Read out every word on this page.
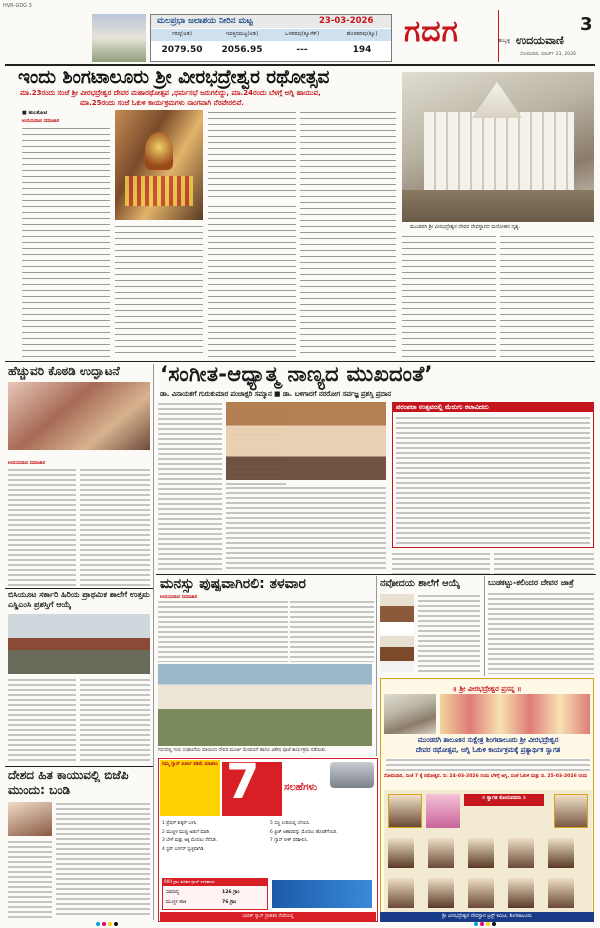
HVR-GDG 3
ಮಲಪ್ರಭಾ ಜಲಾಶಯ ನೀರಿನ ಮಟ್ಟ	23-03-2026
ಗರಿಷ್ಠ(ಅಡಿ)	ಇವತ್ತಿನಮಟ್ಟ(ಅಡಿ)	ಒಳಹರಿವು(ಕ್ಯೂಸೆಕ್)	ಹೊರಹರಿವು(ಕ್ಯೂ)
2079.50	2056.95	---	194
ಗದಗ	3
ಹುಬ್ಬಳ್ಳಿ ಉದಯವಾಣಿ
ಸೋಮವಾರ, ಮಾರ್ಚ್ 23, 2026
ಇಂದು ಶಿಂಗಟಾಲೂರು ಶ್ರೀ ವೀರಭದ್ರೇಶ್ವರ ರಥೋತ್ಸವ
ಮಾ.23ರಂದು ಸಂಜೆ ಶ್ರೀ ವೀರಭದ್ರೇಶ್ವರ ದೇವರ ಮಹಾರಥೋತ್ಸವ ,ಧರ್ಮಸಭೆ ಜರುಗಲಿದ್ದು, ಮಾ.24ರಂದು ಬೆಳಗ್ಗೆ ಅಗ್ನಿ ಹಾಯುವ,
ಮಾ.25ರಂದು ಸಂಜೆ ಓಕುಳಿ ಕಾರ್ಯಕ್ರಮಗಳು ನಾಂಗವಾಗಿ ನೆರವೇರಲಿವೆ.
■ ಹುಲಕೋಟಿ
ಉದಯವಾಣಿ ಸಮಾಚಾರ
ಮುಂಡರಗಿ ಶ್ರೀ ವೀರಭದ್ರೇಶ್ವರ ದೇವರ ದೇವಸ್ಥಾನದ ಮನೋಹರ ದೃಶ್ಯ.
ಹೆಚ್ಚುವರಿ ಕೊಠಡಿ ಉದ್ಘಾಟನೆ
ಉದಯವಾಣಿ ಸಮಾಚಾರ
ಬಿಸಿಯೂಟ ಸರ್ಕಾರಿ ಹಿರಿಯ ಪ್ರಾಥಮಿಕ ಶಾಲೆಗೆ ಉತ್ತಮ ಎಸ್ಡಿಎಂಸಿ ಪ್ರಶಸ್ತಿಗೆ ಆಯ್ಕೆ
ದೇಶದ ಹಿತ ಕಾಯುವಲ್ಲಿ ಬಿಜೆಪಿ ಮುಂದು: ಬಂಡಿ
‘ಸಂಗೀತ-ಆಧ್ಯಾತ್ಮ ನಾಣ್ಯದ ಮುಖದಂತೆ’
ಡಾ. ವಿನಾಯಕಗೆ ಗುರುಕುಮಾರ ಪಂಚಾಕ್ಷರಿ ಸಮ್ಮಾನ ■ ಡಾ. ಬಳಿಗಾರಗೆ ನರರೋಗ ಸರ್ವಜ್ಞ ಪ್ರಶಸ್ತಿ ಪ್ರದಾನ
ಪರಂಪರಾ ಉತ್ಸವದಲ್ಲಿ ಮೆರುಗು ಕಲಾವಿದರು
ಮನಸ್ಸು ಪುಷ್ಪವಾಗಿರಲಿ: ತಳವಾರ
ಉದಯವಾಣಿ ಸಮಾಚಾರ
ಗದಗದಲ್ಲಿ ಗುರು ಸಂಘಟನೆಯ ವತಿಯಿಂದ ದೇವರ ಮೂರ್ತಿ ಮೆರವಣಿಗೆ ಹಾಗೂ ವಿಶೇಷ ಪೂಜೆ ಕಾರ್ಯಕ್ರಮ ನಡೆಯಿತು.
ನವೋದಯ ಶಾಲೆಗೆ ಆಯ್ಕೆ	ಬುಡಕಟ್ಟು-ಕಲಿಂದರ ದೇವರ ಜಾತ್ರೆ
॥ ಶ್ರೀ ವೀರಭದ್ರೇಶ್ವರ ಪ್ರಸನ್ನ ॥
ಮುಂಡರಗಿ ತಾಲೂಕಿನ ಸುಕ್ಷೇತ್ರ ಶಿಂಗಟಾಲೂರು ಶ್ರೀ ವೀರಭದ್ರೇಶ್ವರ
ದೇವರ ರಥೋತ್ಸವ, ಅಗ್ನಿ ಓಕುಳಿ ಕಾರ್ಯಕ್ರಮಕ್ಕೆ ಪ್ರತ್ಯಾರ್ಥಿಕ ಸ್ವಾಗತ
ಸೋಮವಾರ, ಸಂಜೆ 7 ಕ್ಕೆ ರಥೋತ್ಸವ. ದಿ: 24-03-2026 ರಂದು ಬೆಳಿಗ್ಗೆ ಅಗ್ನಿ, ಸಂಜೆ ಓಕುಳಿ ಮತ್ತು ದಿ. 25-03-2026 ರಂದು
॥ ಸ್ವಾಗತ ಕೋರುವವರು ॥
ಶ್ರೀ ವೀರಭದ್ರೇಶ್ವರ ದೇವಸ್ಥಾನ ಟ್ರಸ್ಟ್ ಕಮಿಟಿ, ಶಿಂಗಟಾಲೂರು
ನಿಮ್ಮ ಗ್ಯಾಸ್ ಖರ್ಚು ಕಡಿಮೆ ಮಾಡಲು 7 ಸಲಹೆಗಳು
1 ಪ್ರೆಷರ್ ಕುಕ್ಕರ್ ಬಳಸಿ.
2 ಮುಚ್ಚಳ ಮುಚ್ಚಿ ಅಡುಗೆ ಮಾಡಿ.
3 ಬೇಳೆ ಮತ್ತು ಅಕ್ಕಿ ಮೊದಲು ನೆನೆಸಿಡಿ.
4 ಸ್ಟವ್ ಬರ್ನರ್ ಸ್ವಚ್ಛವಾಗಿಡಿ.
5 ಸಣ್ಣ ಉರಿಯಲ್ಲಿ ಬೇಯಿಸಿ.
6 ಫ್ರಿಜ್ ಆಹಾರವನ್ನು ಮೊದಲು ಹೊರತೆಗೆಯಿರಿ.
7 ಗ್ಯಾಸ್ ಲೀಕ್ ಪರಿಶೀಲಿಸಿ.
900 ಗ್ರಾಂ ತೂಕದ ಗ್ಯಾಸ್ ಉಳಿತಾಯ
ಸಾಮಾನ್ಯ	126 ಗ್ರಾಂ
ಮುಚ್ಚಳ ಹಾಕಿ	76 ಗ್ರಾಂ
ಭಾರತ್ ಗ್ಯಾಸ್ ಗ್ರಾಹಕರ ಸೇವೆಯಲ್ಲಿ
